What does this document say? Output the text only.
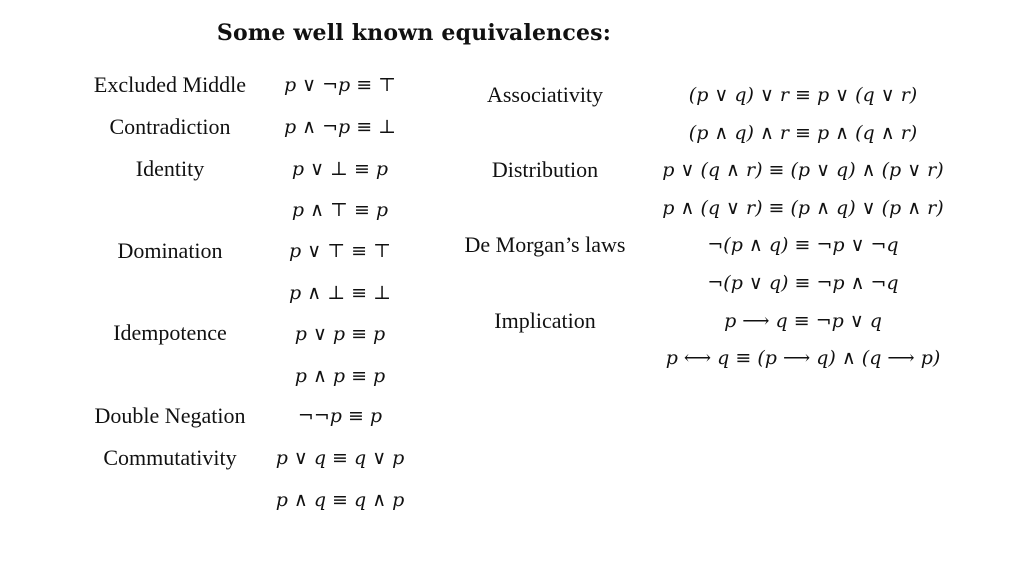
Some well known equivalences:
Excluded Middle
Contradiction
Identity
Domination
Idempotence
Double Negation
Commutativity
p ∨ ¬p ≡ ⊤
p ∧ ¬p ≡ ⊥
p ∨ ⊥ ≡ p
p ∧ ⊤ ≡ p
p ∨ ⊤ ≡ ⊤
p ∧ ⊥ ≡ ⊥
p ∨ p ≡ p
p ∧ p ≡ p
¬¬p ≡ p
p ∨ q ≡ q ∨ p
p ∧ q ≡ q ∧ p
Associativity
Distribution
De Morgan’s laws
Implication
(p ∨ q) ∨ r ≡ p ∨ (q ∨ r)
(p ∧ q) ∧ r ≡ p ∧ (q ∧ r)
p ∨ (q ∧ r) ≡ (p ∨ q) ∧ (p ∨ r)
p ∧ (q ∨ r) ≡ (p ∧ q) ∨ (p ∧ r)
¬(p ∧ q) ≡ ¬p ∨ ¬q
¬(p ∨ q) ≡ ¬p ∧ ¬q
p ⟶ q ≡ ¬p ∨ q
p ⟷ q ≡ (p ⟶ q) ∧ (q ⟶ p)
